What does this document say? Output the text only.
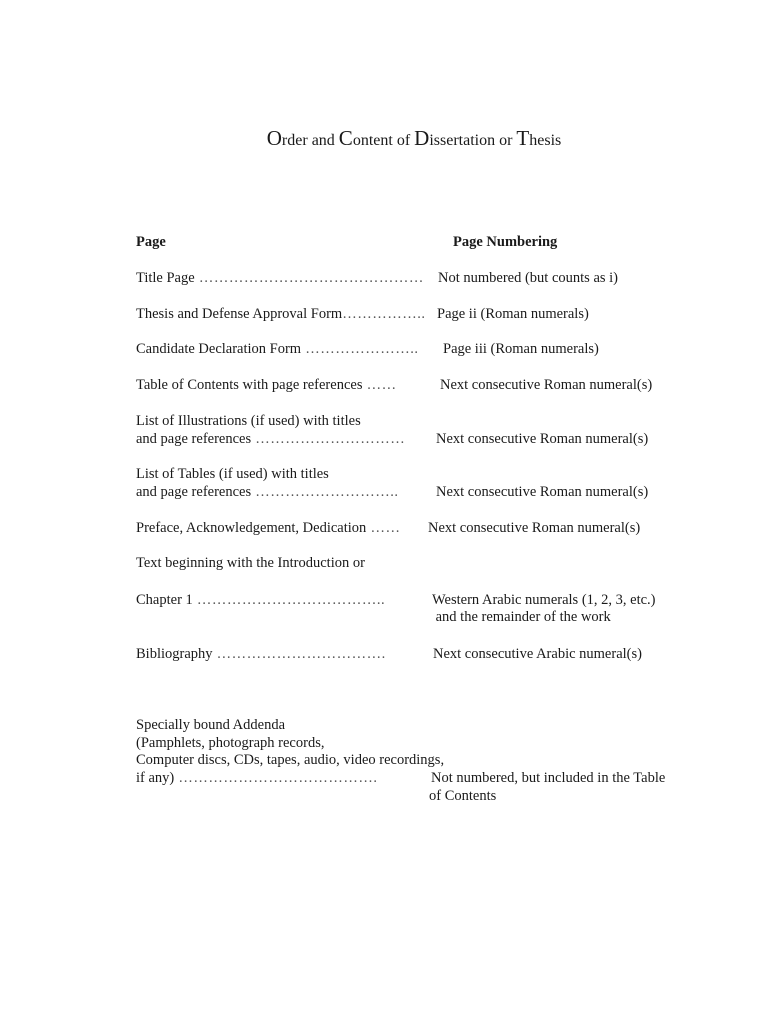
Order and Content of Dissertation or Thesis
Page	Page Numbering
Title Page ……………………………………… Not numbered (but counts as i)
Thesis and Defense Approval Form…………….. Page ii (Roman numerals)
Candidate Declaration Form ………………….. Page iii (Roman numerals)
Table of Contents with page references ……	Next consecutive Roman numeral(s)
List of Illustrations (if used) with titles
and page references ………………………… Next consecutive Roman numeral(s)
List of Tables (if used) with titles
and page references ………………………..	Next consecutive Roman numeral(s)
Preface, Acknowledgement, Dedication …… Next consecutive Roman numeral(s)
Text beginning with the Introduction or
Chapter 1 ………………………………..	Western Arabic numerals (1, 2, 3, etc.)
and the remainder of the work
Bibliography …………………………….	Next consecutive Arabic numeral(s)
Specially bound Addenda
(Pamphlets, photograph records,
Computer discs, CDs, tapes, audio, video recordings,
if any) ………………………………….	Not numbered, but included in the Table
of Contents
